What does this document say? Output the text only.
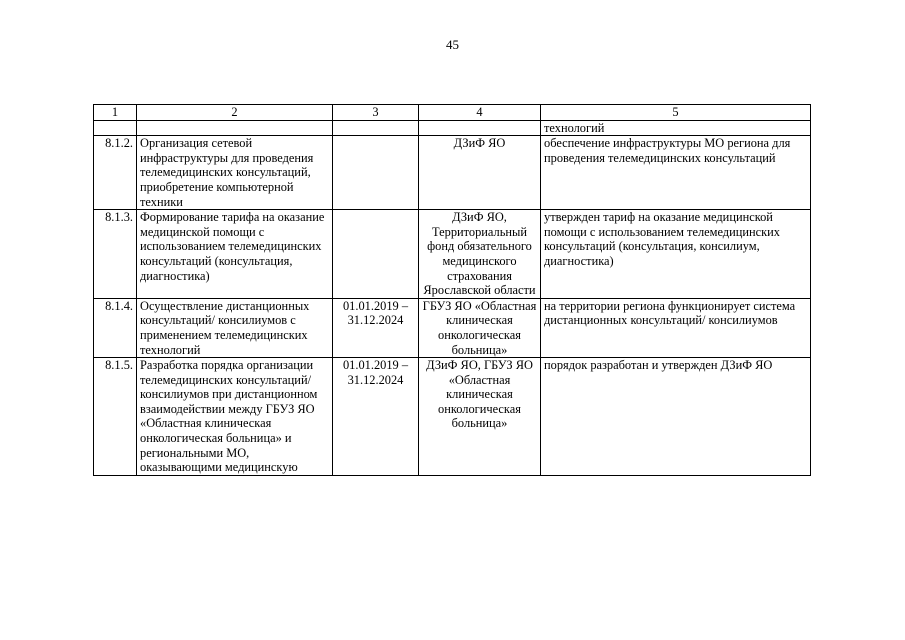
45
1	2	3	4	5
				технологий
8.1.2.	Организация сетевой инфраструктуры для проведения телемедицинских консультаций, приобретение компьютерной техники		ДЗиФ ЯО	обеспечение инфраструктуры МО региона для проведения телемедицинских консультаций
8.1.3.	Формирование тарифа на оказание медицинской помощи с использованием телемедицинских консультаций (консультация, диагностика)		ДЗиФ ЯО, Территориальный фонд обязательного медицинского страхования Ярославской области	утвержден тариф на оказание медицинской помощи с использованием телемедицинских консультаций (консультация, консилиум, диагностика)
8.1.4.	Осуществление дистанционных консультаций/ консилиумов с применением телемедицинских технологий	01.01.2019 – 31.12.2024	ГБУЗ ЯО «Областная клиническая онкологическая больница»	на территории региона функционирует система дистанционных консультаций/ консилиумов
8.1.5.	Разработка порядка организации телемедицинских консультаций/ консилиумов при дистанционном взаимодействии между ГБУЗ ЯО «Областная клиническая онкологическая больница» и региональными МО, оказывающими медицинскую	01.01.2019 – 31.12.2024	ДЗиФ ЯО, ГБУЗ ЯО «Областная клиническая онкологическая больница»	порядок разработан и утвержден ДЗиФ ЯО
